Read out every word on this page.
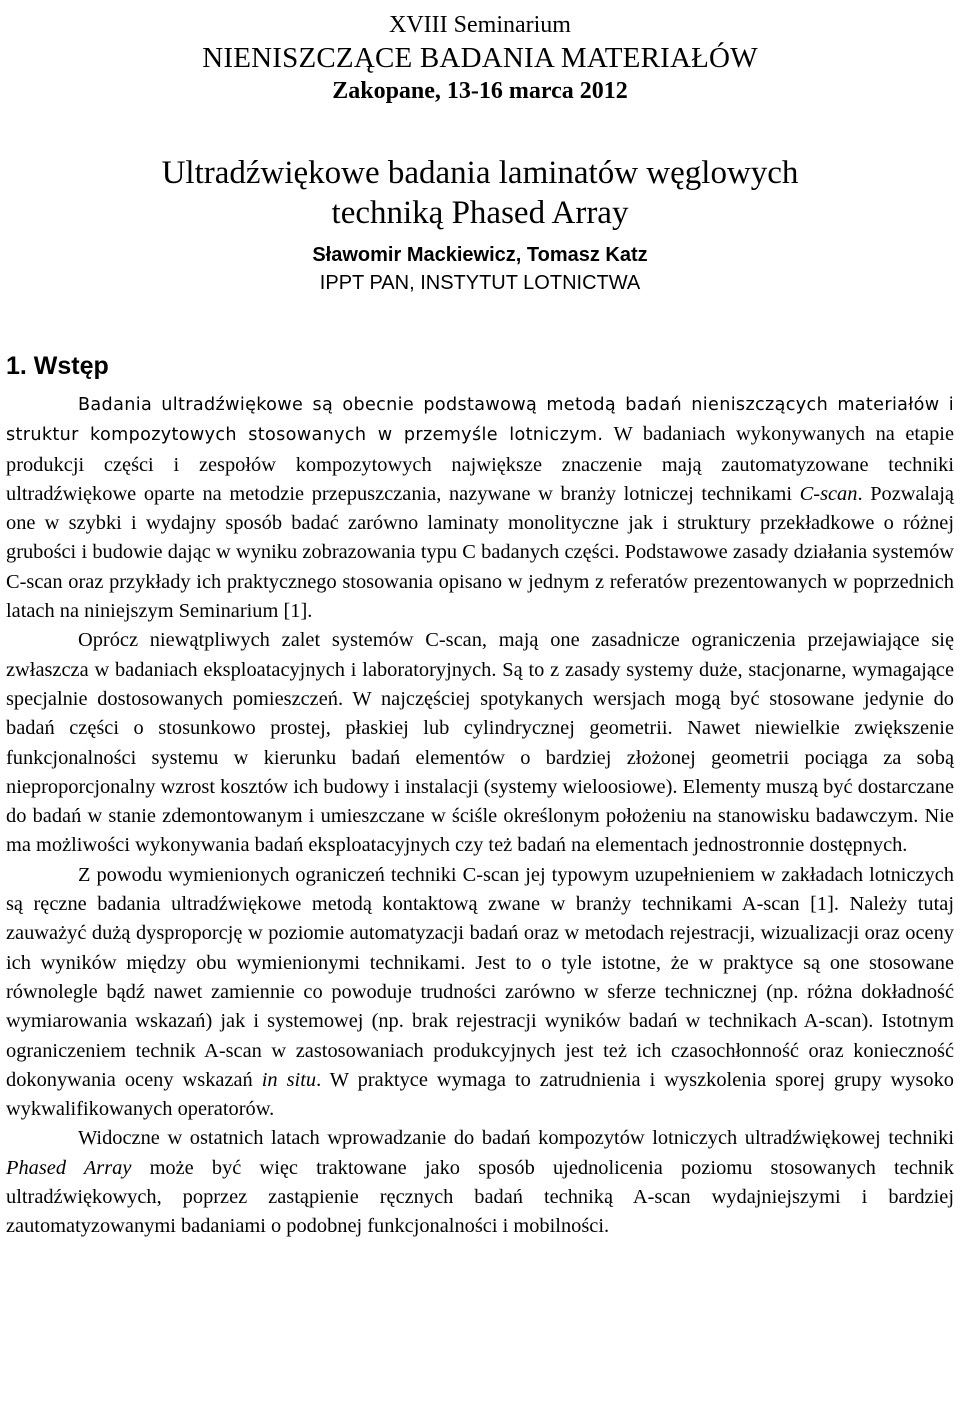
XVIII Seminarium
NIENISZCZĄCE BADANIA MATERIAŁÓW
Zakopane, 13-16 marca 2012
Ultradźwiękowe badania laminatów węglowych
techniką Phased Array
Sławomir Mackiewicz, Tomasz Katz
IPPT PAN, INSTYTUT LOTNICTWA
1. Wstęp

Badania ultradźwiękowe są obecnie podstawową metodą badań nieniszczących materiałów i struktur kompozytowych stosowanych w przemyśle lotniczym. W badaniach wykonywanych na etapie produkcji części i zespołów kompozytowych największe znaczenie mają zautomatyzowane techniki ultradźwiękowe oparte na metodzie przepuszczania, nazywane w branży lotniczej technikami C-scan. Pozwalają one w szybki i wydajny sposób badać zarówno laminaty monolityczne jak i struktury przekładkowe o różnej grubości i budowie dając w wyniku zobrazowania typu C badanych części. Podstawowe zasady działania systemów C-scan oraz przykłady ich praktycznego stosowania opisano w jednym z referatów prezentowanych w poprzednich latach na niniejszym Seminarium [1].

Oprócz niewątpliwych zalet systemów C-scan, mają one zasadnicze ograniczenia przejawiające się zwłaszcza w badaniach eksploatacyjnych i laboratoryjnych. Są to z zasady systemy duże, stacjonarne, wymagające specjalnie dostosowanych pomieszczeń. W najczęściej spotykanych wersjach mogą być stosowane jedynie do badań części o stosunkowo prostej, płaskiej lub cylindrycznej geometrii. Nawet niewielkie zwiększenie funkcjonalności systemu w kierunku badań elementów o bardziej złożonej geometrii pociąga za sobą nieproporcjonalny wzrost kosztów ich budowy i instalacji (systemy wieloosiowe). Elementy muszą być dostarczane do badań w stanie zdemontowanym i umieszczane w ściśle określonym położeniu na stanowisku badawczym. Nie ma możliwości wykonywania badań eksploatacyjnych czy też badań na elementach jednostronnie dostępnych.

Z powodu wymienionych ograniczeń techniki C-scan jej typowym uzupełnieniem w zakładach lotniczych są ręczne badania ultradźwiękowe metodą kontaktową zwane w branży technikami A-scan [1]. Należy tutaj zauważyć dużą dysproporcję w poziomie automatyzacji badań oraz w metodach rejestracji, wizualizacji oraz oceny ich wyników między obu wymienionymi technikami. Jest to o tyle istotne, że w praktyce są one stosowane równolegle bądź nawet zamiennie co powoduje trudności zarówno w sferze technicznej (np. różna dokładność wymiarowania wskazań) jak i systemowej (np. brak rejestracji wyników badań w technikach A-scan). Istotnym ograniczeniem technik A-scan w zastosowaniach produkcyjnych jest też ich czasochłonność oraz konieczność dokonywania oceny wskazań in situ. W praktyce wymaga to zatrudnienia i wyszkolenia sporej grupy wysoko wykwalifikowanych operatorów.

Widoczne w ostatnich latach wprowadzanie do badań kompozytów lotniczych ultradźwiękowej techniki Phased Array może być więc traktowane jako sposób ujednolicenia poziomu stosowanych technik ultradźwiękowych, poprzez zastąpienie ręcznych badań techniką A-scan wydajniejszymi i bardziej zautomatyzowanymi badaniami o podobnej funkcjonalności i mobilności.
